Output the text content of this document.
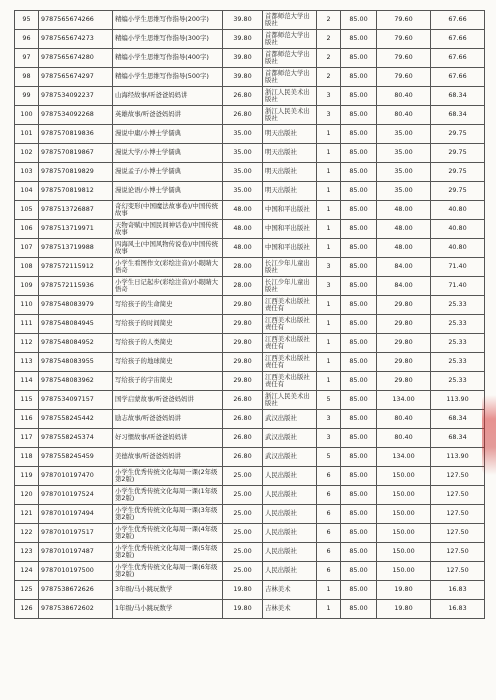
95	9787565674266	精编小学生思维写作指导(200字)	39.80	首都师范大学出版社	2	85.00	79.60	67.66
96	9787565674273	精编小学生思维写作指导(300字)	39.80	首都师范大学出版社	2	85.00	79.60	67.66
97	9787565674280	精编小学生思维写作指导(400字)	39.80	首都师范大学出版社	2	85.00	79.60	67.66
98	9787565674297	精编小学生思维写作指导(500字)	39.80	首都师范大学出版社	2	85.00	79.60	67.66
99	9787534092237	山海经故事/听爸爸妈妈讲	26.80	浙江人民美术出版社	3	85.00	80.40	68.34
100	9787534092268	英雄故事/听爸爸妈妈讲	26.80	浙江人民美术出版社	3	85.00	80.40	68.34
101	9787570819836	漫说中庸/小博士学儒典	35.00	明天出版社	1	85.00	35.00	29.75
102	9787570819867	漫说大学/小博士学儒典	35.00	明天出版社	1	85.00	35.00	29.75
103	9787570819829	漫说孟子/小博士学儒典	35.00	明天出版社	1	85.00	35.00	29.75
104	9787570819812	漫说论语/小博士学儒典	35.00	明天出版社	1	85.00	35.00	29.75
105	9787513726887	奇幻变形(中国魔法故事卷)/中国传统故事	48.00	中国和平出版社	1	85.00	48.00	40.80
106	9787513719971	天物奇赋(中国民间神话卷)/中国传统故事	48.00	中国和平出版社	1	85.00	48.00	40.80
107	9787513719988	四海风土(中国风物传说卷)/中国传统故事	48.00	中国和平出版社	1	85.00	48.00	40.80
108	9787572115912	小学生看图作文(彩绘注音)/小眼睛大悟奇	28.00	长江少年儿童出版社	3	85.00	84.00	71.40
109	9787572115936	小学生日记起步(彩绘注音)/小眼睛大悟奇	28.00	长江少年儿童出版社	3	85.00	84.00	71.40
110	9787548083979	写给孩子的生命简史	29.80	江西美术出版社责任有	1	85.00	29.80	25.33
111	9787548084945	写给孩子的时间简史	29.80	江西美术出版社责任有	1	85.00	29.80	25.33
112	9787548084952	写给孩子的人类简史	29.80	江西美术出版社责任有	1	85.00	29.80	25.33
113	9787548083955	写给孩子的地球简史	29.80	江西美术出版社责任有	1	85.00	29.80	25.33
114	9787548083962	写给孩子的宇宙简史	29.80	江西美术出版社责任有	1	85.00	29.80	25.33
115	9787534097157	国学启蒙故事/听爸爸妈妈讲	26.80	浙江人民美术出版社	5	85.00	134.00	113.90
116	9787558245442	励志故事/听爸爸妈妈讲	26.80	武汉出版社	3	85.00	80.40	68.34
117	9787558245374	好习惯故事/听爸爸妈妈讲	26.80	武汉出版社	3	85.00	80.40	68.34
118	9787558245459	美德故事/听爸爸妈妈讲	26.80	武汉出版社	5	85.00	134.00	113.90
119	9787010197470	小学生优秀传统文化每周一课(2年级第2版)	25.00	人民出版社	6	85.00	150.00	127.50
120	9787010197524	小学生优秀传统文化每周一课(1年级第2版)	25.00	人民出版社	6	85.00	150.00	127.50
121	9787010197494	小学生优秀传统文化每周一课(3年级第2版)	25.00	人民出版社	6	85.00	150.00	127.50
122	9787010197517	小学生优秀传统文化每周一课(4年级第2版)	25.00	人民出版社	6	85.00	150.00	127.50
123	9787010197487	小学生优秀传统文化每周一课(5年级第2版)	25.00	人民出版社	6	85.00	150.00	127.50
124	9787010197500	小学生优秀传统文化每周一课(6年级第2版)	25.00	人民出版社	6	85.00	150.00	127.50
125	9787538672626	3年级/马小跳玩数学	19.80	吉林美术	1	85.00	19.80	16.83
126	9787538672602	1年级/马小跳玩数学	19.80	吉林美术	1	85.00	19.80	16.83
